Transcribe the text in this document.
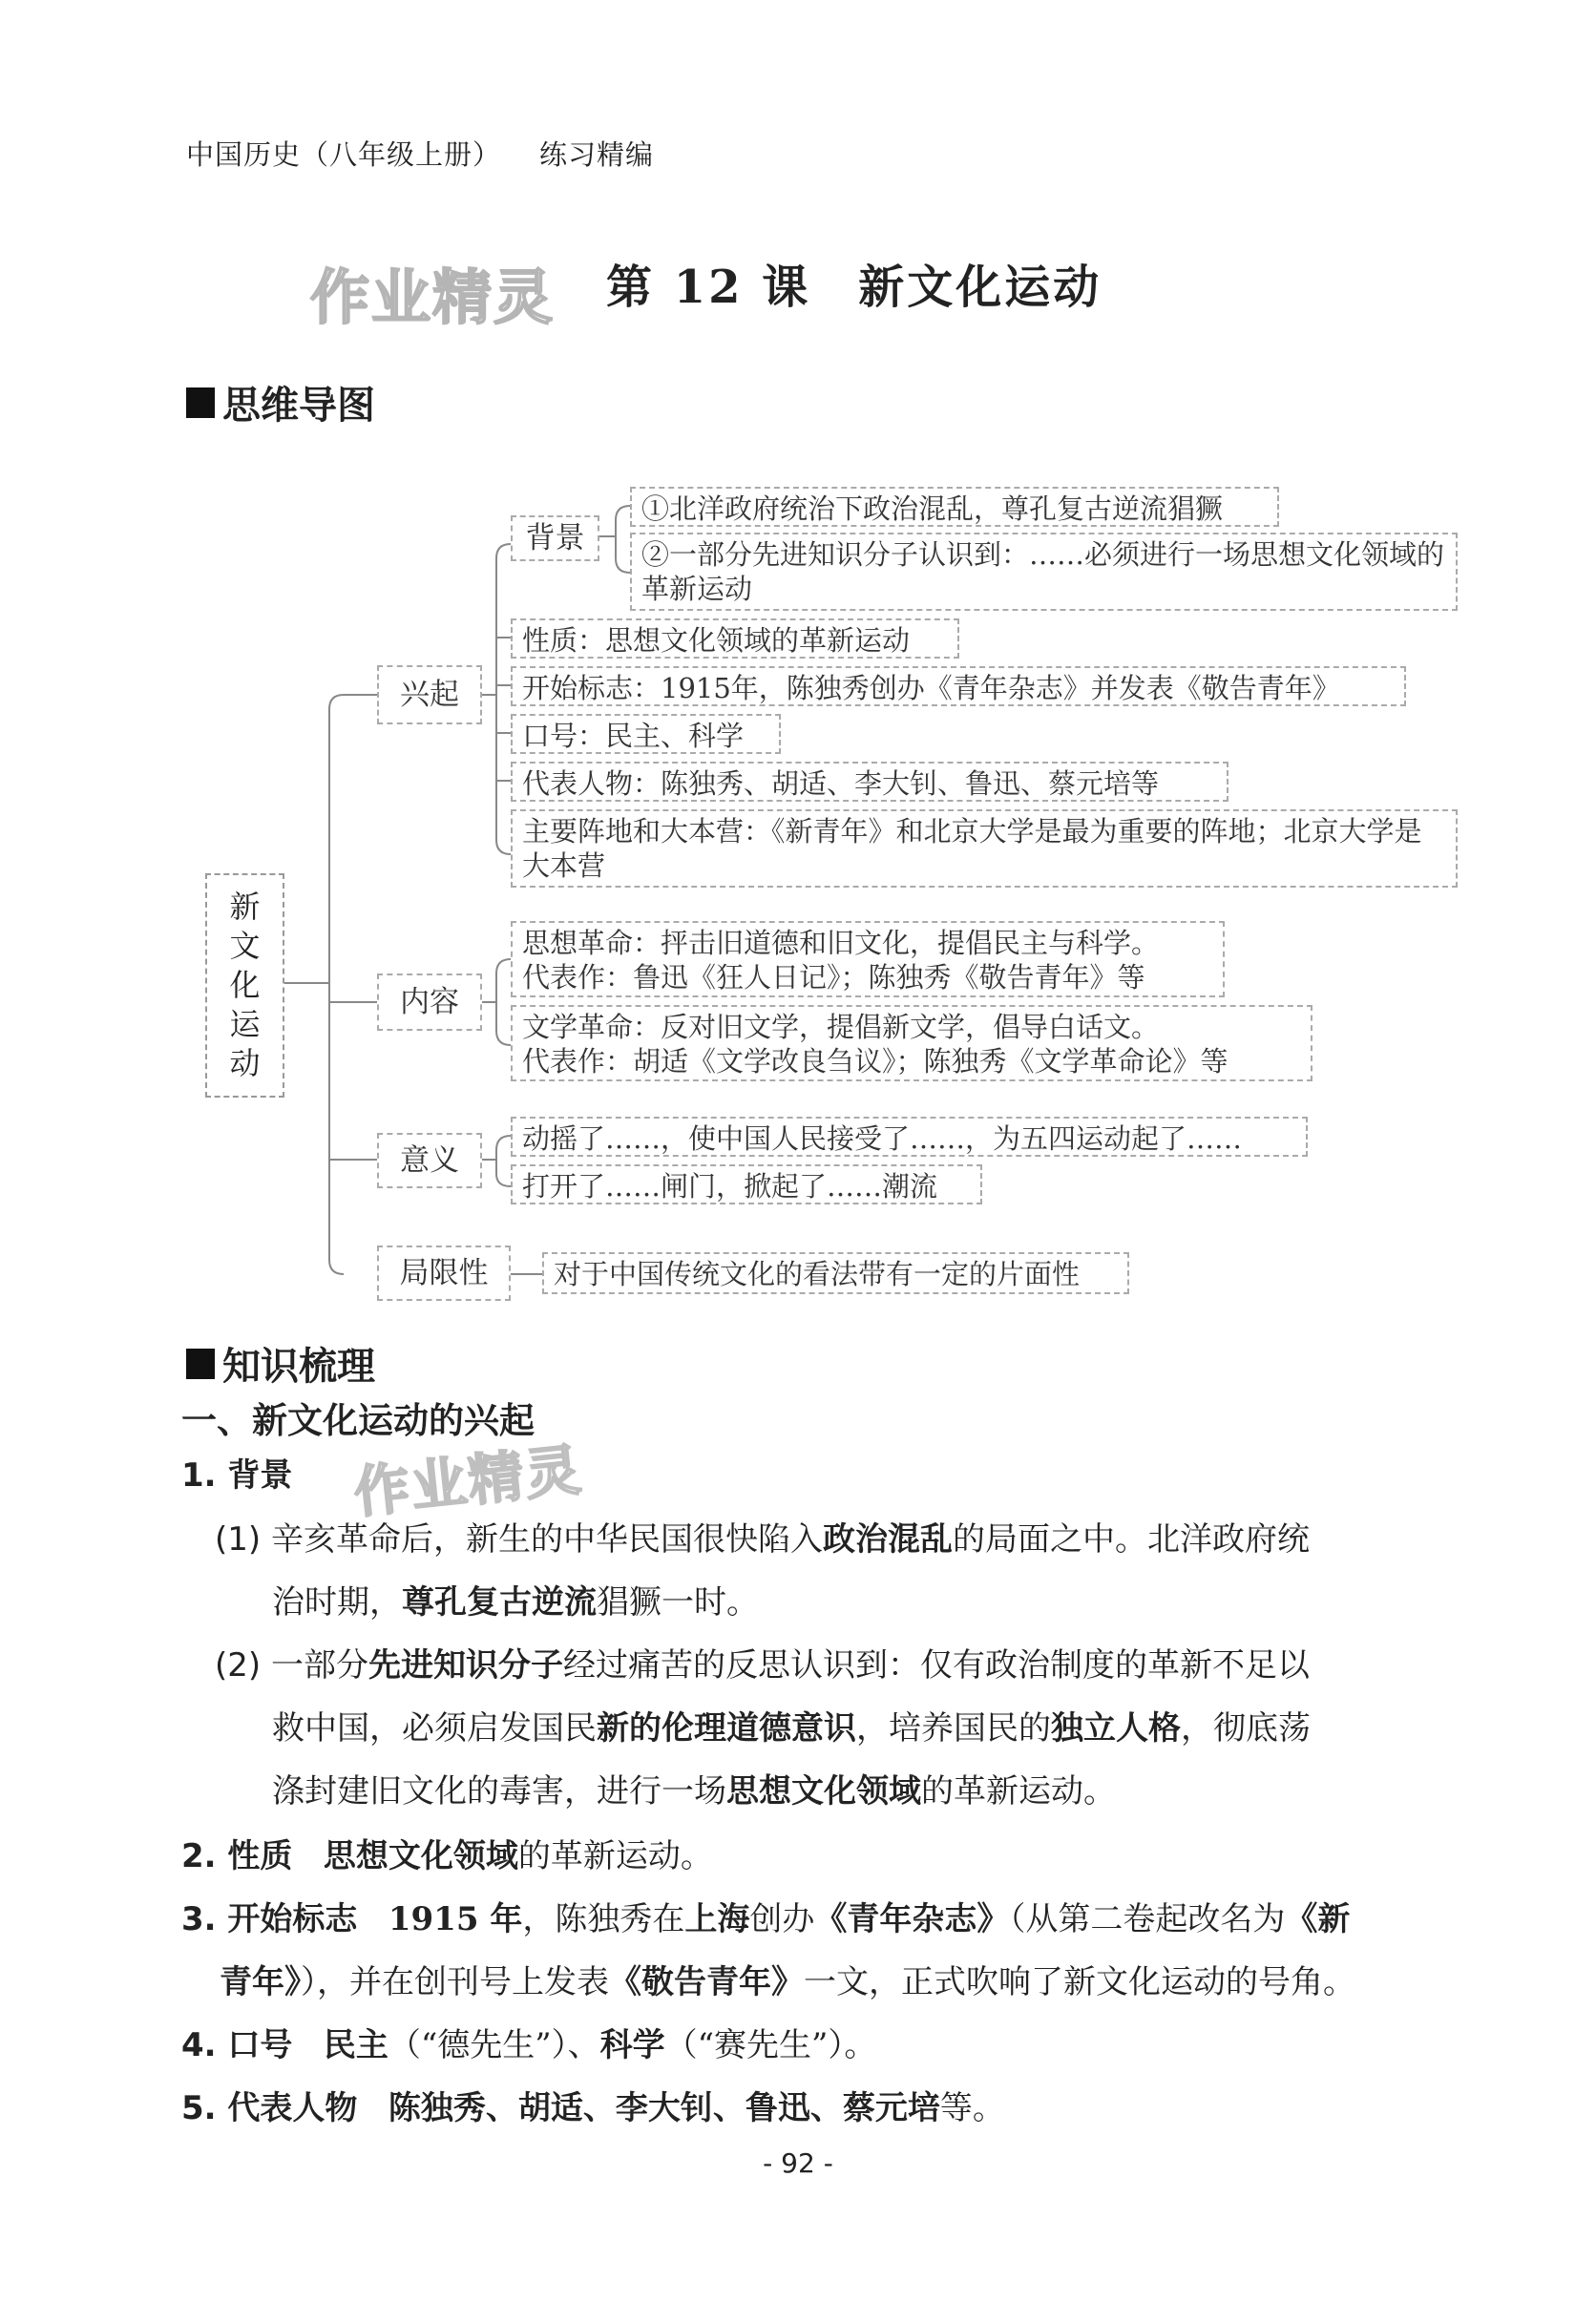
中国历史（八年级上册） 练习精编
作业精灵
作业精灵
第 12 课 新文化运动
思维导图
新
文
化
运
动
兴起
内容
意义
局限性
背景
①北洋政府统治下政治混乱，尊孔复古逆流猖獗
②一部分先进知识分子认识到：……必须进行一场思想文化领域的革新运动
性质：思想文化领域的革新运动
开始标志：1915年，陈独秀创办《青年杂志》并发表《敬告青年》
口号：民主、科学
代表人物：陈独秀、胡适、李大钊、鲁迅、蔡元培等
主要阵地和大本营：《新青年》和北京大学是最为重要的阵地；北京大学是大本营
思想革命：抨击旧道德和旧文化，提倡民主与科学。
代表作：鲁迅《狂人日记》；陈独秀《敬告青年》等
文学革命：反对旧文学，提倡新文学，倡导白话文。
代表作：胡适《文学改良刍议》；陈独秀《文学革命论》等
动摇了……，使中国人民接受了……，为五四运动起了……
打开了……闸门，掀起了……潮流
对于中国传统文化的看法带有一定的片面性
知识梳理
一、新文化运动的兴起
1. 背景
(1) 辛亥革命后，新生的中华民国很快陷入政治混乱的局面之中。北洋政府统
治时期，尊孔复古逆流猖獗一时。
(2) 一部分先进知识分子经过痛苦的反思认识到：仅有政治制度的革新不足以
救中国，必须启发国民新的伦理道德意识，培养国民的独立人格，彻底荡
涤封建旧文化的毒害，进行一场思想文化领域的革新运动。
2. 性质 思想文化领域的革新运动。
3. 开始标志 1915 年，陈独秀在上海创办《青年杂志》（从第二卷起改名为《新
青年》），并在创刊号上发表《敬告青年》一文，正式吹响了新文化运动的号角。
4. 口号 民主（“德先生”）、科学（“赛先生”）。
5. 代表人物 陈独秀、胡适、李大钊、鲁迅、蔡元培等。
- 92 -
